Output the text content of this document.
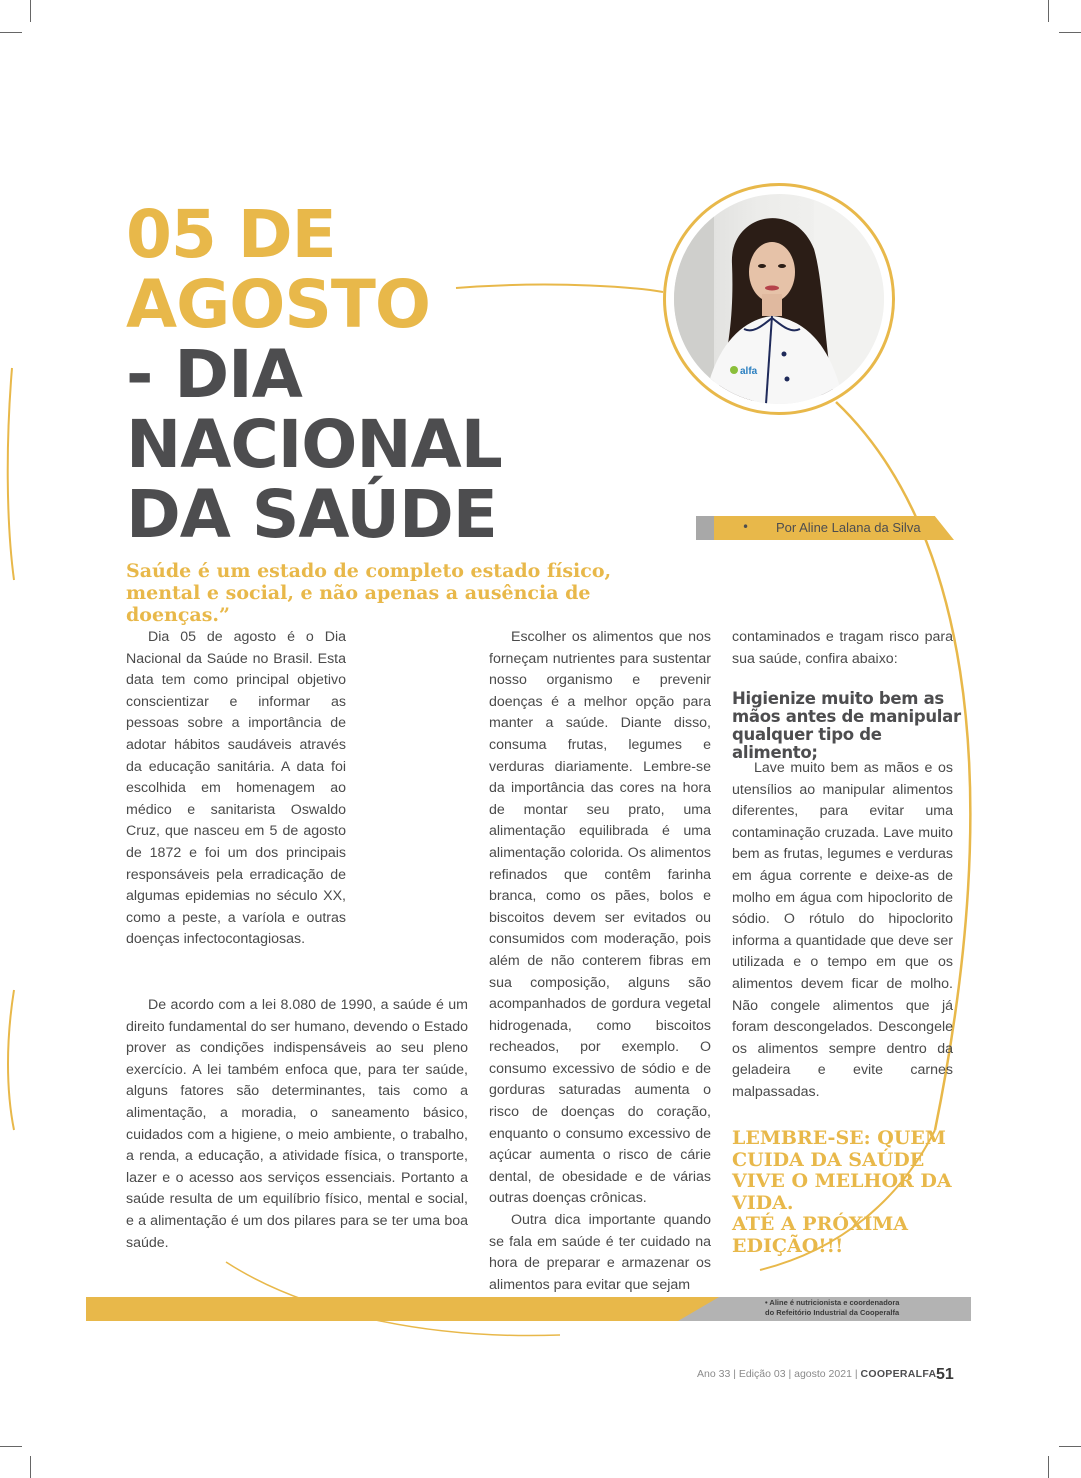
alfa
05 DE
AGOSTO
- DIA
NACIONAL
DA SAÚDE	• Por Aline Lalana da Silva

Saúde é um estado de completo estado físico, mental e social, e não apenas a ausência de doenças.”

Dia 05 de agosto é o Dia Nacional da Saúde no Brasil. Esta data tem como principal objetivo conscientizar e informar as pessoas sobre a importância de adotar hábitos saudáveis através da educação sanitária. A data foi escolhida em homenagem ao médico e sanitarista Oswaldo Cruz, que nasceu em 5 de agosto de 1872 e foi um dos principais responsáveis pela erradicação de algumas epidemias no século XX, como a peste, a varíola e outras doenças infectocontagiosas.

De acordo com a lei 8.080 de 1990, a saúde é um direito fundamental do ser humano, devendo o Estado prover as condições indispensáveis ao seu pleno exercício. A lei também enfoca que, para ter saúde, alguns fatores são determinantes, tais como a alimentação, a moradia, o saneamento básico, cuidados com a higiene, o meio ambiente, o trabalho, a renda, a educação, a atividade física, o transporte, lazer e o acesso aos serviços essenciais. Portanto a saúde resulta de um equilíbrio físico, mental e social, e a alimentação é um dos pilares para se ter uma boa saúde.

Escolher os alimentos que nos forneçam nutrientes para sustentar nosso organismo e prevenir doenças é a melhor opção para manter a saúde. Diante disso, consuma frutas, legumes e verduras diariamente. Lembre-se da importância das cores na hora de montar seu prato, uma alimentação equilibrada é uma alimentação colorida. Os alimentos refinados que contêm farinha branca, como os pães, bolos e biscoitos devem ser evitados ou consumidos com moderação, pois além de não conterem fibras em sua composição, alguns são acompanhados de gordura vegetal hidrogenada, como biscoitos recheados, por exemplo. O consumo excessivo de sódio e de gorduras saturadas aumenta o risco de doenças do coração, enquanto o consumo excessivo de açúcar aumenta o risco de cárie dental, de obesidade e de várias outras doenças crônicas.

Outra dica importante quando se fala em saúde é ter cuidado na hora de preparar e armazenar os alimentos para evitar que sejam

contaminados e tragam risco para sua saúde, confira abaixo:

Higienize muito bem as mãos antes de manipular qualquer tipo de alimento;

Lave muito bem as mãos e os utensílios ao manipular alimentos diferentes, para evitar uma contaminação cruzada. Lave muito bem as frutas, legumes e verduras em água corrente e deixe-as de molho em água com hipoclorito de sódio. O rótulo do hipoclorito informa a quantidade que deve ser utilizada e o tempo em que os alimentos devem ficar de molho. Não congele alimentos que já foram descongelados. Descongele os alimentos sempre dentro da geladeira e evite carnes malpassadas.

LEMBRE-SE: QUEM CUIDA DA SAÚDE VIVE O MELHOR DA VIDA.
ATÉ A PRÓXIMA EDIÇÃO!!!
• Aline é nutricionista e coordenadora
do Refeitório Industrial da Cooperalfa
Ano 33 | Edição 03 | agosto 2021 | COOPERALFA 51
